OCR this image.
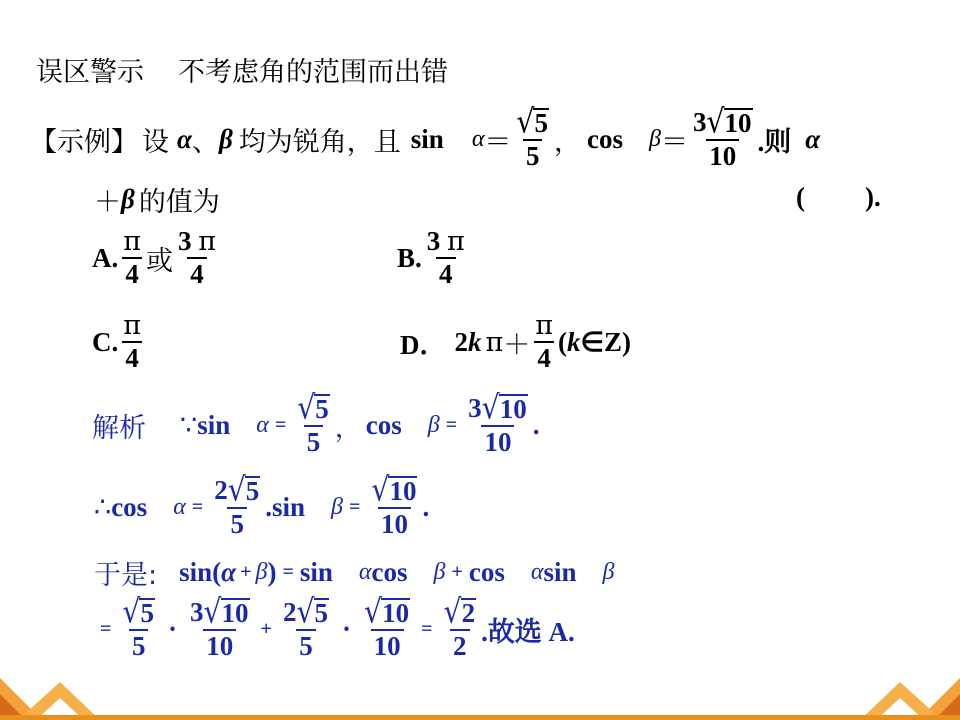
误区警示 不考虑角的范围而出错
【示例】 设 α 、 β 均为锐角，且 $\sin \alpha = \frac{√ 5}{5}$ ， $\cos \beta = \frac{3 √ 10}{10}$ .则 α
＋ β 的值为	( ).
A. $\frac{\pi}{4}$ 或 $\frac{3 \pi}{4}$	B. $\frac{3 \pi}{4}$
C. $\frac{\pi}{4}$	D． 2 k $\pi + \frac{\pi}{4}$ ( k ∈Z)
解析 ∵ $\sin \alpha = \frac{√ 5}{5}$ ， $\cos \beta = \frac{3 √ 10}{10}$ .
∴ $\cos \alpha = \frac{2 √ 5}{5}$ . $\sin \beta = \frac{√ 10}{10}$ .
于是: sin( α + β ) = sin α cos β + cos α sin β
= $\frac{√ 5}{5} \cdot \frac{3 √ 10}{10} + \frac{2 √ 5}{5} \cdot \frac{√ 10}{10} = \frac{√ 2}{2}$ .故选 A.
